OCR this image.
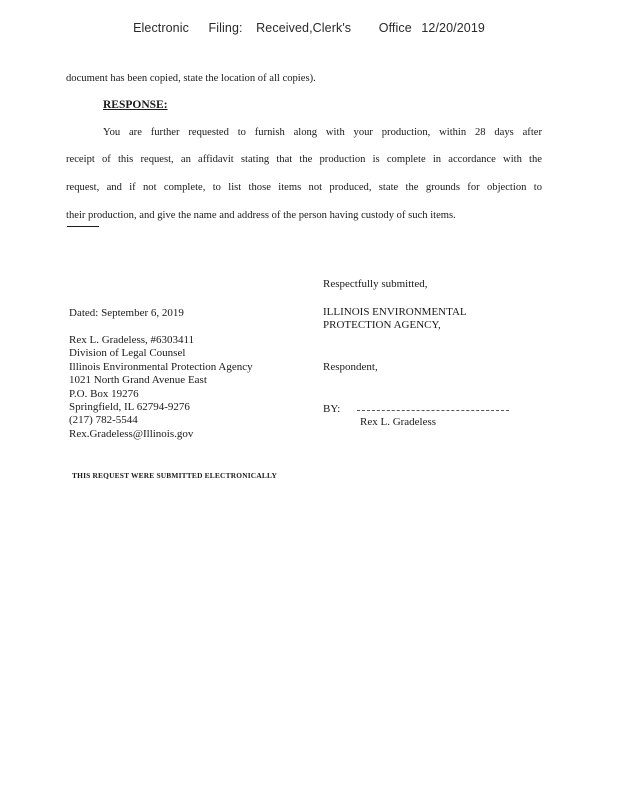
Electronic Filing: Received,Clerk's Office 12/20/2019
document has been copied, state the location of all copies).
RESPONSE:
You are further requested to furnish along with your production, within 28 days after
receipt of this request, an affidavit stating that the production is complete in accordance with the
request, and if not complete, to list those items not produced, state the grounds for objection to
their production, and give the name and address of the person having custody of such items.
Respectfully submitted,
ILLINOIS ENVIRONMENTAL
PROTECTION AGENCY,
Respondent,
BY:
Rex L. Gradeless
Dated: September 6, 2019
Rex L. Gradeless, #6303411
Division of Legal Counsel
Illinois Environmental Protection Agency
1021 North Grand Avenue East
P.O. Box 19276
Springfield, IL 62794-9276
(217) 782-5544
Rex.Gradeless@Illinois.gov
THIS REQUEST WERE SUBMITTED ELECTRONICALLY
